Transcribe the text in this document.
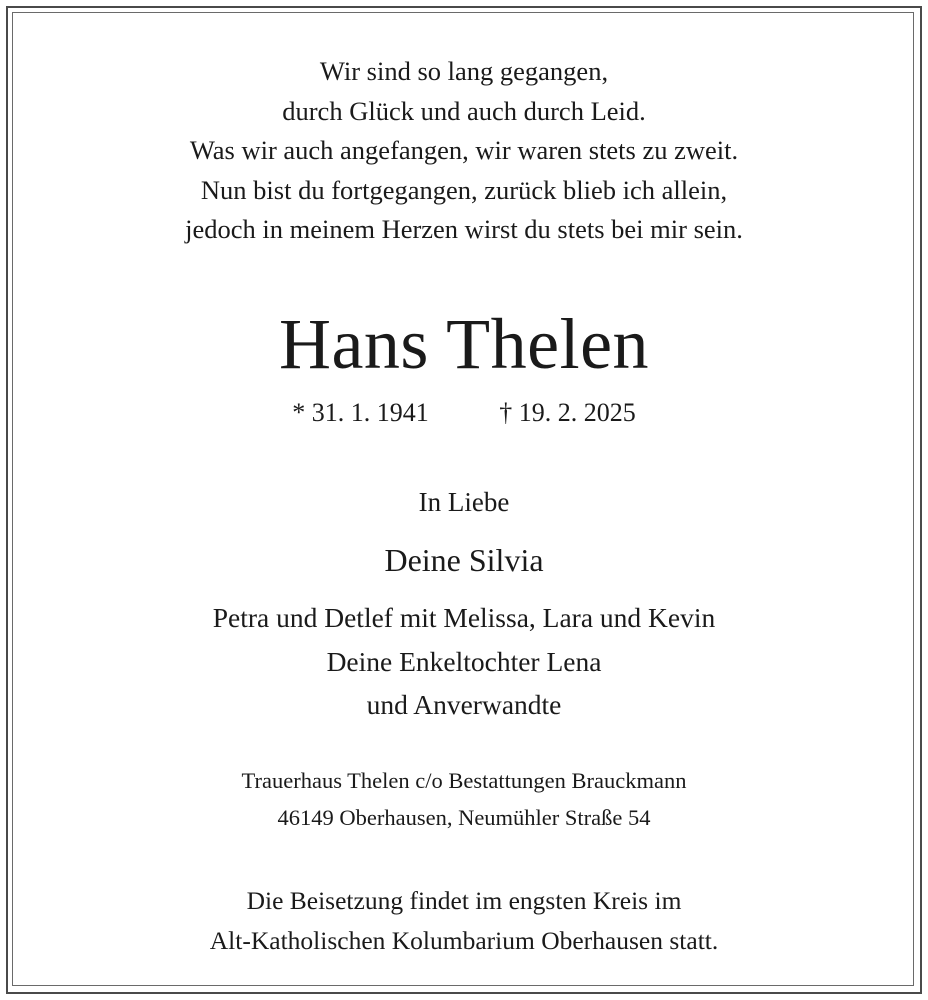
Wir sind so lang gegangen,
durch Glück und auch durch Leid.
Was wir auch angefangen, wir waren stets zu zweit.
Nun bist du fortgegangen, zurück blieb ich allein,
jedoch in meinem Herzen wirst du stets bei mir sein.
Hans Thelen
* 31. 1. 1941	† 19. 2. 2025
In Liebe
Deine Silvia
Petra und Detlef mit Melissa, Lara und Kevin
Deine Enkeltochter Lena
und Anverwandte
Trauerhaus Thelen c/o Bestattungen Brauckmann
46149 Oberhausen, Neumühler Straße 54
Die Beisetzung findet im engsten Kreis im
Alt-Katholischen Kolumbarium Oberhausen statt.
